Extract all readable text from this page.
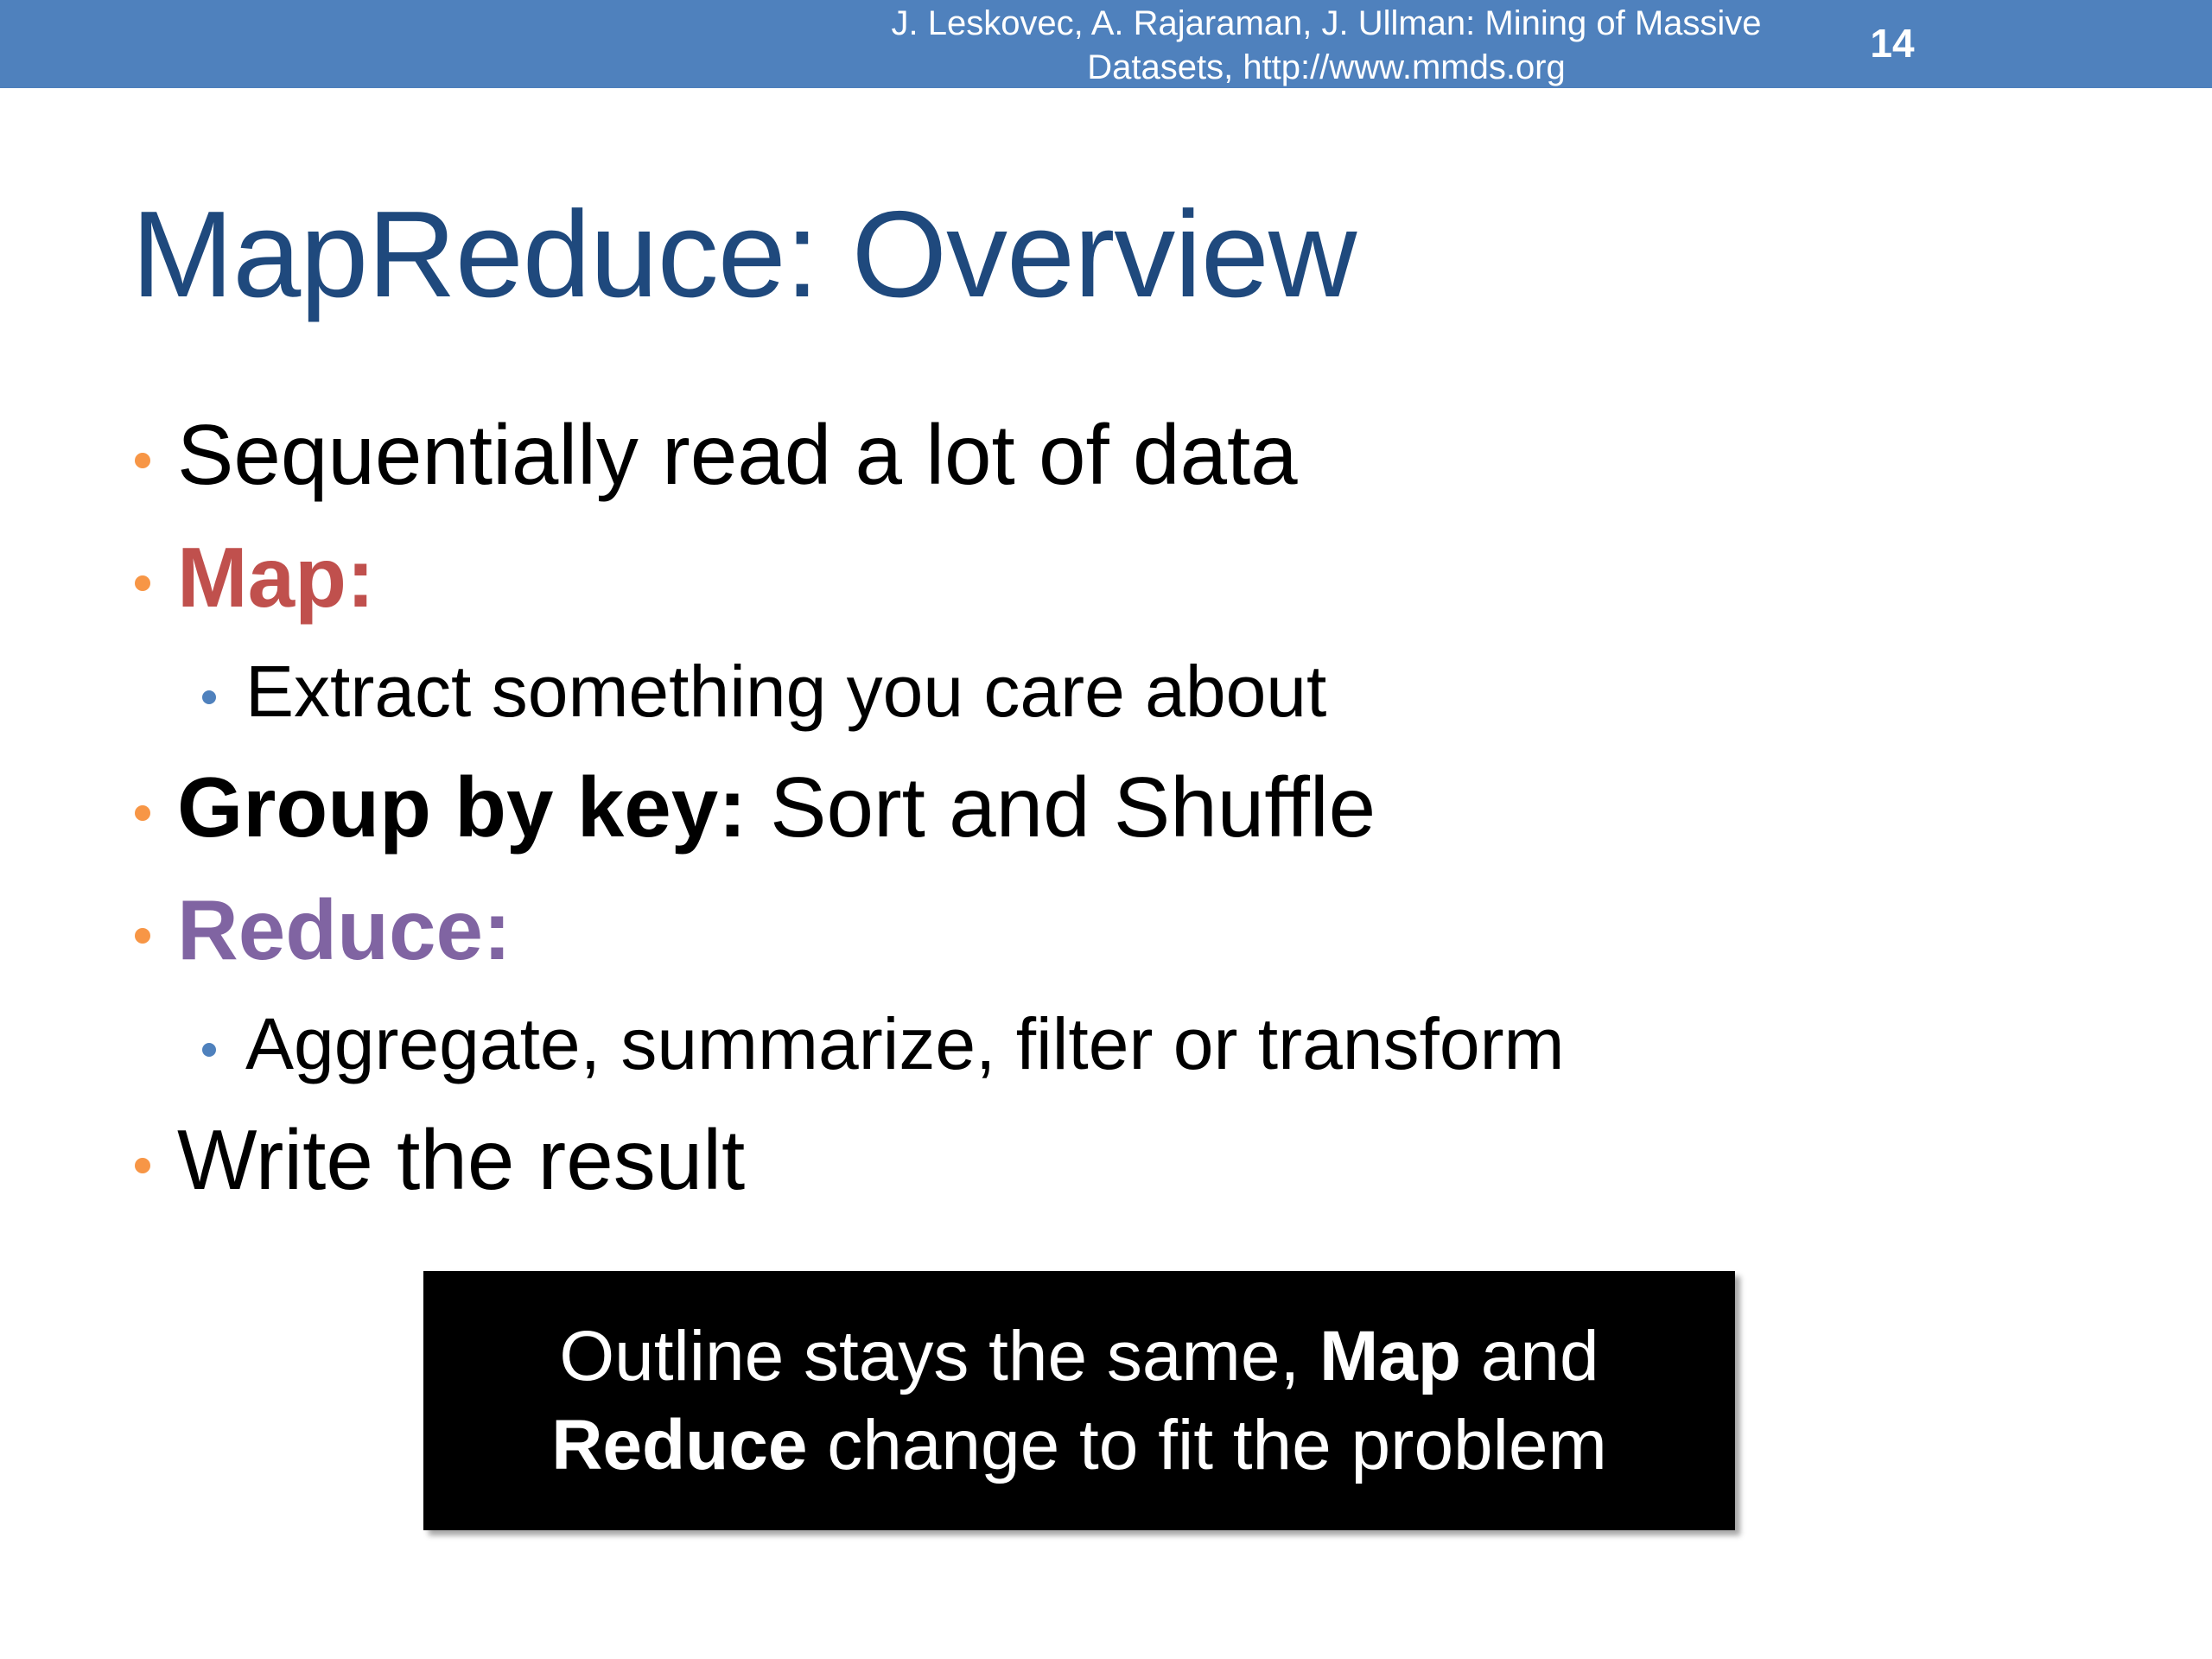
J. Leskovec, A. Rajaraman, J. Ullman: Mining of Massive
Datasets, http://www.mmds.org
14
MapReduce: Overview
Sequentially read a lot of data
Map:
Extract something you care about
Group by key: Sort and Shuffle
Reduce:
Aggregate, summarize, filter or transform
Write the result
Outline stays the same, Map and
Reduce change to fit the problem
